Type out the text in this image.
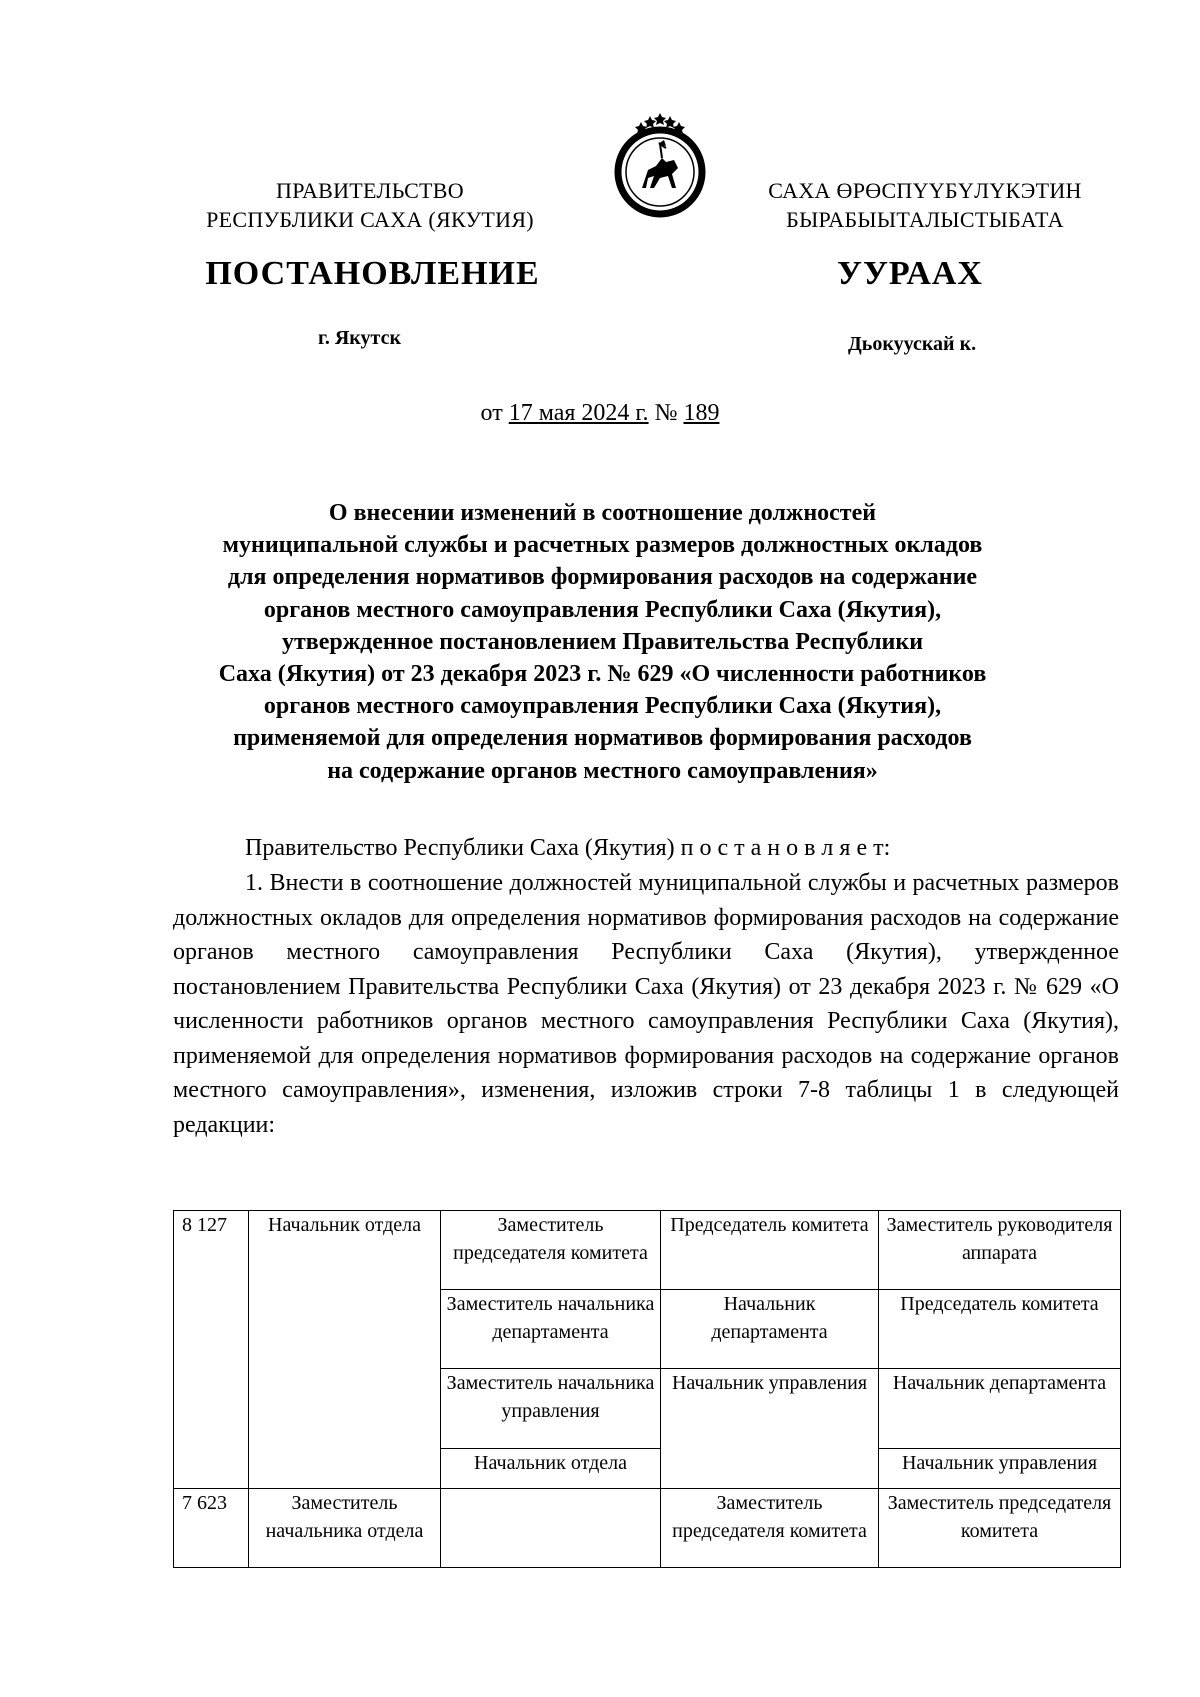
ПРАВИТЕЛЬСТВО
РЕСПУБЛИКИ САХА (ЯКУТИЯ)
САХА ӨРӨСПYYБYЛYКЭТИН
БЫРАБЫЫТАЛЫСТЫБАТА
ПОСТАНОВЛЕНИЕ	УУРААХ
г. Якутск	Дьокуускай к.
от 17 мая 2024 г. № 189
О внесении изменений в соотношение должностей
муниципальной службы и расчетных размеров должностных окладов
для определения нормативов формирования расходов на содержание
органов местного самоуправления Республики Саха (Якутия),
утвержденное постановлением Правительства Республики
Саха (Якутия) от 23 декабря 2023 г. № 629 «О численности работников
органов местного самоуправления Республики Саха (Якутия),
применяемой для определения нормативов формирования расходов
на содержание органов местного самоуправления»
Правительство Республики Саха (Якутия) п о с т а н о в л я е т:
1. Внести в соотношение должностей муниципальной службы и расчетных размеров должностных окладов для определения нормативов формирования расходов на содержание органов местного самоуправления Республики Саха (Якутия), утвержденное постановлением Правительства Республики Саха (Якутия) от 23 декабря 2023 г. № 629 «О численности работников органов местного самоуправления Республики Саха (Якутия), применяемой для определения нормативов формирования расходов на содержание органов местного самоуправления», изменения, изложив строки 7-8 таблицы 1 в следующей редакции:
8 127	Начальник отдела	Заместитель председателя комитета	Председатель комитета	Заместитель руководителя аппарата
		Заместитель начальника департамента	Начальник департамента	Председатель комитета
		Заместитель начальника управления	Начальник управления	Начальник департамента
		Начальник отдела		Начальник управления
7 623	Заместитель начальника отдела		Заместитель председателя комитета	Заместитель председателя комитета
